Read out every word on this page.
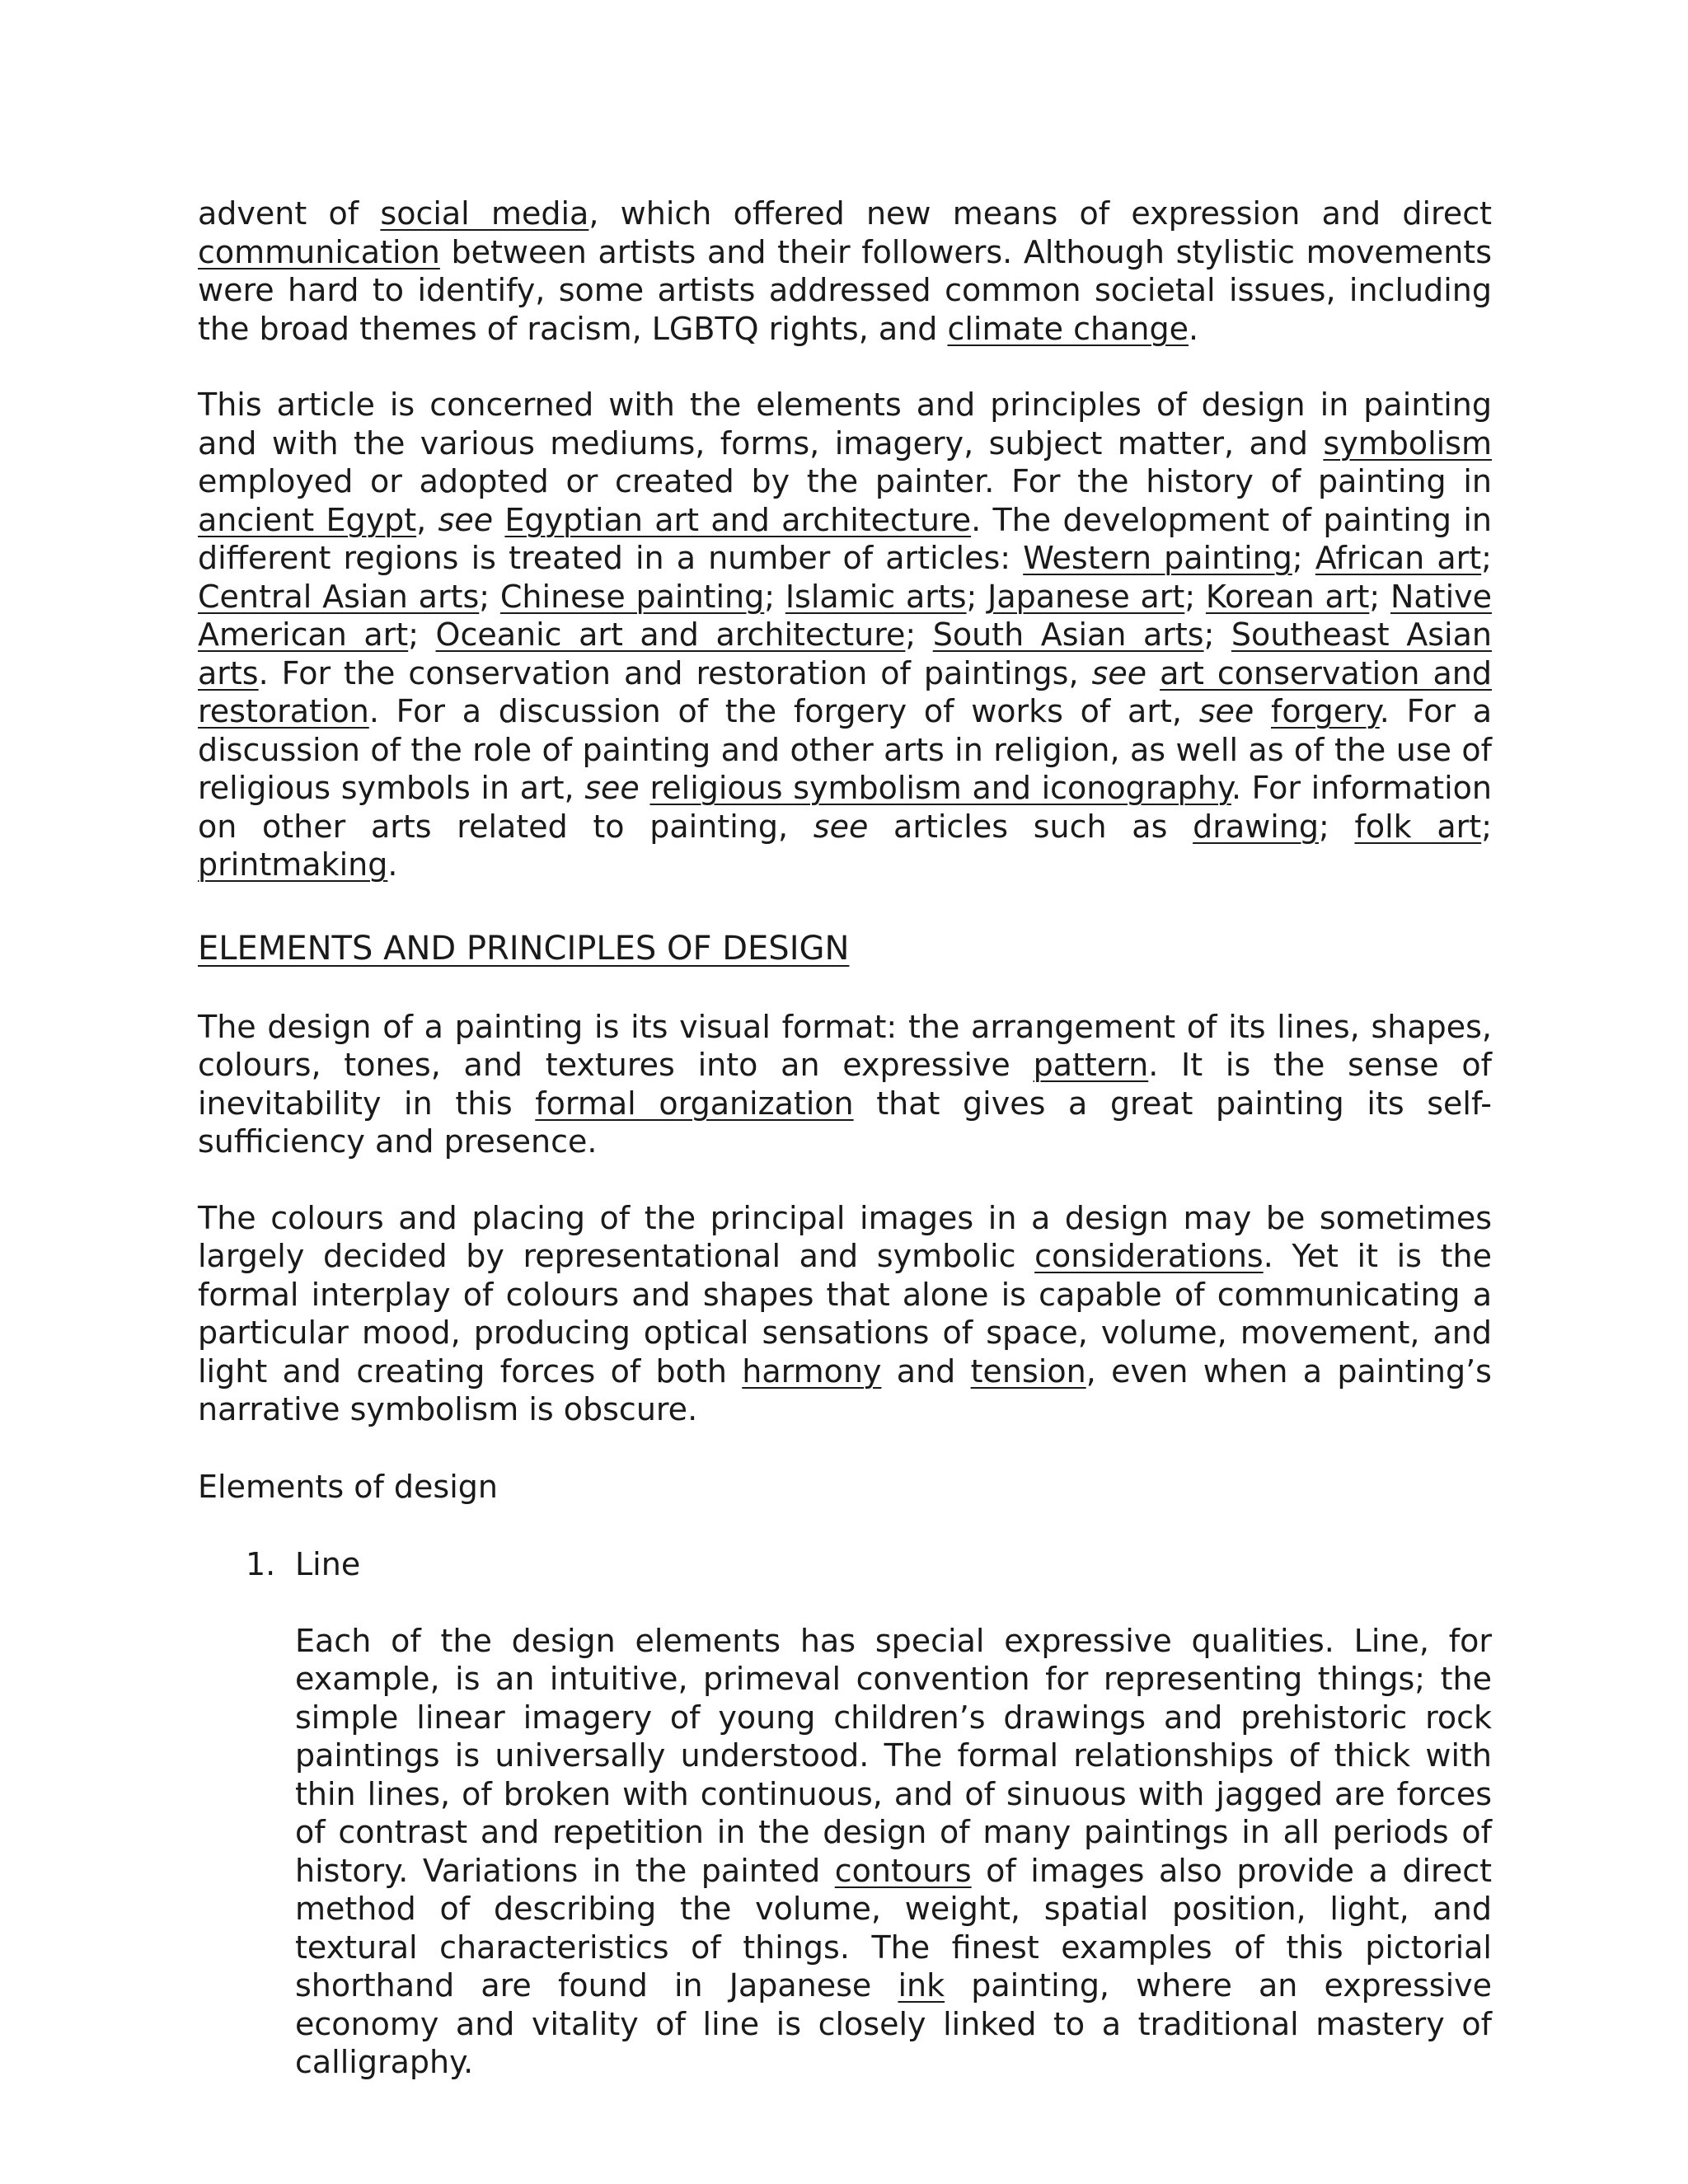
advent of social media, which offered new means of expression and direct communication between artists and their followers. Although stylistic movements were hard to identify, some artists addressed common societal issues, including the broad themes of racism, LGBTQ rights, and climate change.

This article is concerned with the elements and principles of design in painting and with the various mediums, forms, imagery, subject matter, and symbolism employed or adopted or created by the painter. For the history of painting in ancient Egypt, see Egyptian art and architecture. The development of painting in different regions is treated in a number of articles: Western painting; African art; Central Asian arts; Chinese painting; Islamic arts; Japanese art; Korean art; Native American art; Oceanic art and architecture; South Asian arts; Southeast Asian arts. For the conservation and restoration of paintings, see art conservation and restoration. For a discussion of the forgery of works of art, see forgery. For a discussion of the role of painting and other arts in religion, as well as of the use of religious symbols in art, see religious symbolism and iconography. For information on other arts related to painting, see articles such as drawing; folk art; printmaking.

ELEMENTS AND PRINCIPLES OF DESIGN

The design of a painting is its visual format: the arrangement of its lines, shapes, colours, tones, and textures into an expressive pattern. It is the sense of inevitability in this formal organization that gives a great painting its self-sufficiency and presence.

The colours and placing of the principal images in a design may be sometimes largely decided by representational and symbolic considerations. Yet it is the formal interplay of colours and shapes that alone is capable of communicating a particular mood, producing optical sensations of space, volume, movement, and light and creating forces of both harmony and tension, even when a painting’s narrative symbolism is obscure.

Elements of design
1. Line

Each of the design elements has special expressive qualities. Line, for example, is an intuitive, primeval convention for representing things; the simple linear imagery of young children’s drawings and prehistoric rock paintings is universally understood. The formal relationships of thick with thin lines, of broken with continuous, and of sinuous with jagged are forces of contrast and repetition in the design of many paintings in all periods of history. Variations in the painted contours of images also provide a direct method of describing the volume, weight, spatial position, light, and textural characteristics of things. The finest examples of this pictorial shorthand are found in Japanese ink painting, where an expressive economy and vitality of line is closely linked to a traditional mastery of calligraphy.
